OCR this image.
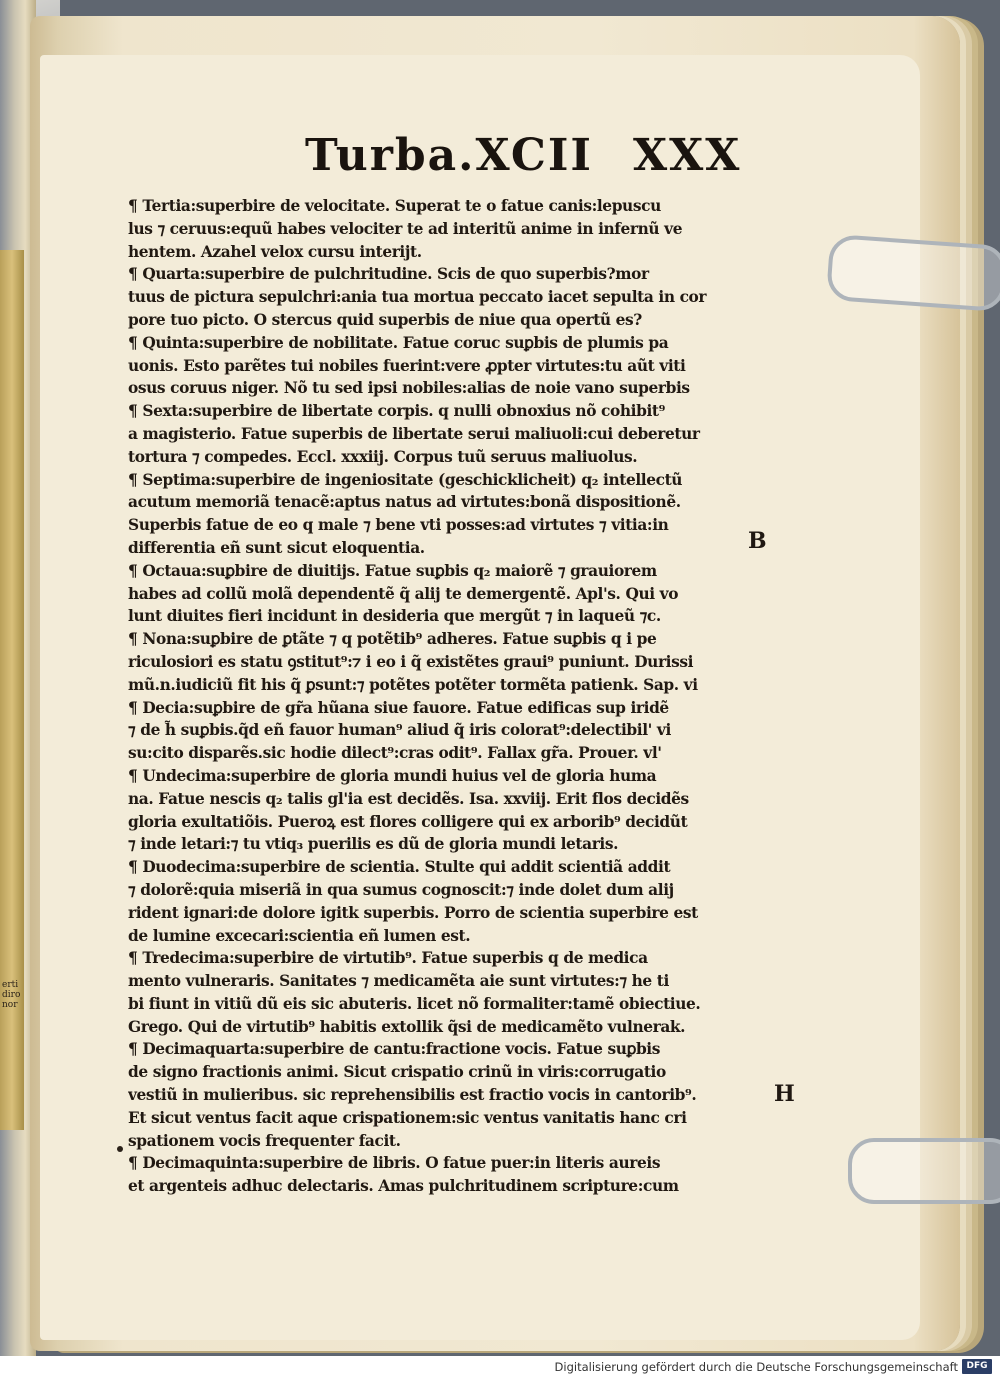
erti
diro
nor
Turba.XCII XXX
¶ Tertia:superbire de velocitate. Superat te o fatue canis:lepuscu
lus ⁊ ceruus:equũ habes velociter te ad interitũ anime in infernũ ve
hentem. Azahel velox cursu interijt.
¶ Quarta:superbire de pulchritudine. Scis de quo superbis?mor
tuus de pictura sepulchri:ania tua mortua peccato iacet sepulta in cor
pore tuo picto. O stercus quid superbis de niue qua opertũ es?
¶ Quinta:superbire de nobilitate. Fatue coruc suꝑbis de plumis pa
uonis. Esto parẽtes tui nobiles fuerint:vere ꝓpter virtutes:tu aũt viti
osus coruus niger. Nõ tu sed ipsi nobiles:alias de noie vano superbis
¶ Sexta:superbire de libertate corpis. q nulli obnoxius nõ cohibit⁹
a magisterio. Fatue superbis de libertate serui maliuoli:cui deberetur
tortura ⁊ compedes. Eccl. xxxiij. Corpus tuũ seruus maliuolus.
¶ Septima:superbire de ingeniositate (geschicklicheit) q₂ intellectũ
acutum memoriã tenacẽ:aptus natus ad virtutes:bonã dispositionẽ.
Superbis fatue de eo q male ⁊ bene vti posses:ad virtutes ⁊ vitia:in
differentia eñ sunt sicut eloquentia.
¶ Octaua:suꝑbire de diuitijs. Fatue suꝑbis q₂ maiorẽ ⁊ grauiorem
habes ad collũ molã dependentẽ q̃ alij te demergentẽ. Apl's. Qui vo
lunt diuites fieri incidunt in desideria que mergũt ⁊ in laqueũ ⁊c.
¶ Nona:suꝑbire de ꝑtãte ⁊ q potẽtib⁹ adheres. Fatue suꝑbis q i pe
riculosiori es statu ꝯstitut⁹:⁊ i eo i q̃ existẽtes graui⁹ puniunt. Durissi
mũ.n.iudiciũ fit his q̃ ꝑsunt:⁊ potẽtes potẽter tormẽta patienk. Sap. vi
¶ Decia:suꝑbire de gr̃a hũana siue fauore. Fatue edificas sup iridẽ
⁊ de h̃ suꝑbis.q̃d eñ fauor human⁹ aliud q̃ iris colorat⁹:delectibil' vi
su:cito disparẽs.sic hodie dilect⁹:cras odit⁹. Fallax gr̃a. Prouer. vl'
¶ Undecima:superbire de gloria mundi huius vel de gloria huma
na. Fatue nescis q₂ talis gl'ia est decidẽs. Isa. xxviij. Erit flos decidẽs
gloria exultatiõis. Pueroꝝ est flores colligere qui ex arborib⁹ decidũt
⁊ inde letari:⁊ tu vtiq₃ puerilis es dũ de gloria mundi letaris.
¶ Duodecima:superbire de scientia. Stulte qui addit scientiã addit
⁊ dolorẽ:quia miseriã in qua sumus cognoscit:⁊ inde dolet dum alij
rident ignari:de dolore igitk superbis. Porro de scientia superbire est
de lumine excecari:scientia eñ lumen est.
¶ Tredecima:superbire de virtutib⁹. Fatue superbis q de medica
mento vulneraris. Sanitates ⁊ medicamẽta aie sunt virtutes:⁊ he ti
bi fiunt in vitiũ dũ eis sic abuteris. licet nõ formaliter:tamẽ obiectiue.
Grego. Qui de virtutib⁹ habitis extollik q̃si de medicamẽto vulnerak.
¶ Decimaquarta:superbire de cantu:fractione vocis. Fatue suꝑbis
de signo fractionis animi. Sicut crispatio crinũ in viris:corrugatio
vestiũ in mulieribus. sic reprehensibilis est fractio vocis in cantorib⁹.
Et sicut ventus facit aque crispationem:sic ventus vanitatis hanc cri
spationem vocis frequenter facit.
¶ Decimaquinta:superbire de libris. O fatue puer:in literis aureis
et argenteis adhuc delectaris. Amas pulchritudinem scripture:cum
B
H
Digitalisierung gefördert durch die Deutsche Forschungsgemeinschaft DFG
